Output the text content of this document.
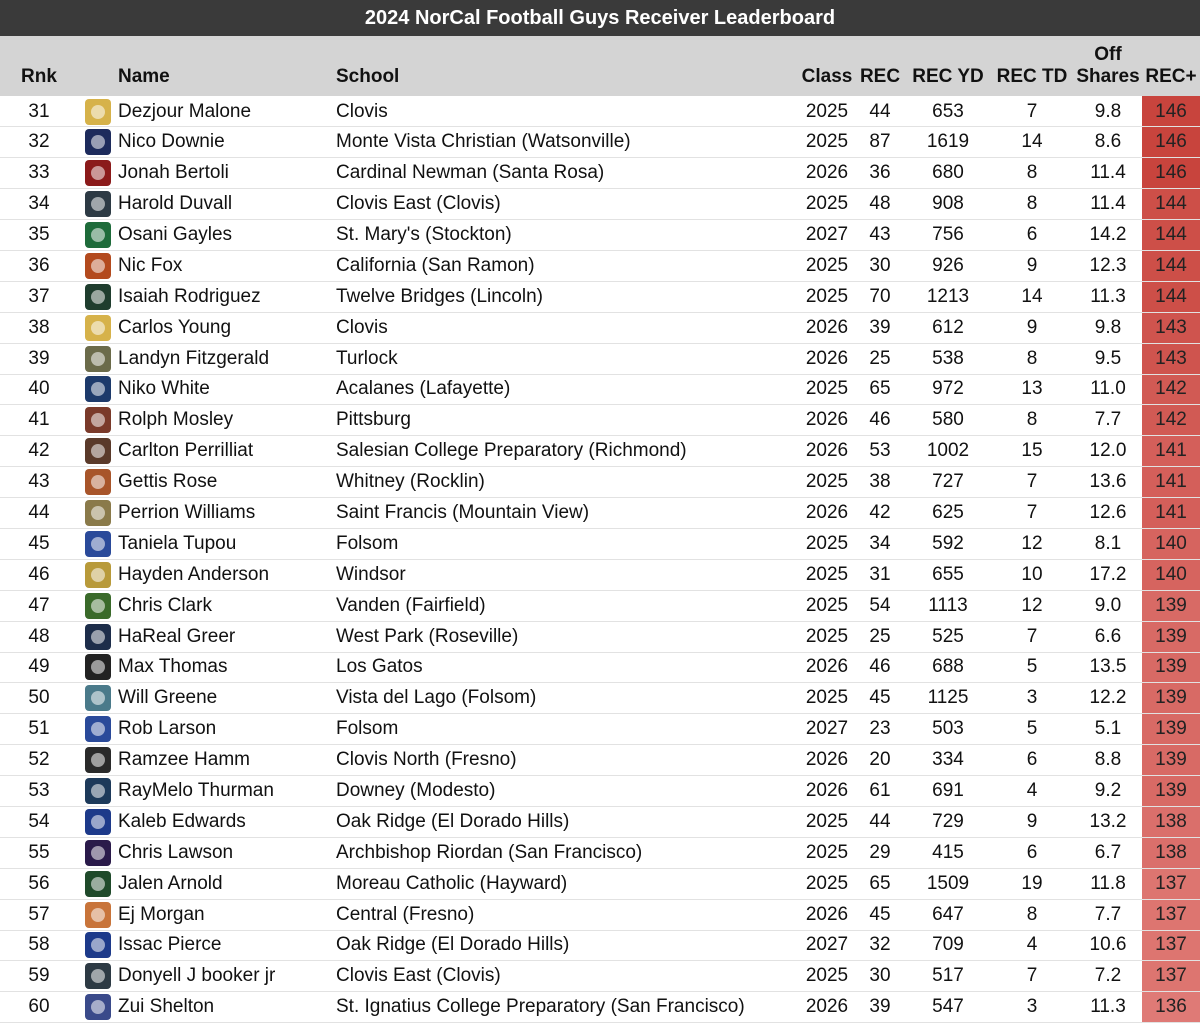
2024 NorCal Football Guys Receiver Leaderboard
Rnk		Name	School	Class	REC	REC YD	REC TD	Off Shares	REC+
31		Dezjour Malone	Clovis	2025	44	653	7	9.8	146
32		Nico Downie	Monte Vista Christian (Watsonville)	2025	87	1619	14	8.6	146
33		Jonah Bertoli	Cardinal Newman (Santa Rosa)	2026	36	680	8	11.4	146
34		Harold Duvall	Clovis East (Clovis)	2025	48	908	8	11.4	144
35		Osani Gayles	St. Mary's (Stockton)	2027	43	756	6	14.2	144
36		Nic Fox	California (San Ramon)	2025	30	926	9	12.3	144
37		Isaiah Rodriguez	Twelve Bridges (Lincoln)	2025	70	1213	14	11.3	144
38		Carlos Young	Clovis	2026	39	612	9	9.8	143
39		Landyn Fitzgerald	Turlock	2026	25	538	8	9.5	143
40		Niko White	Acalanes (Lafayette)	2025	65	972	13	11.0	142
41		Rolph Mosley	Pittsburg	2026	46	580	8	7.7	142
42		Carlton Perrilliat	Salesian College Preparatory (Richmond)	2026	53	1002	15	12.0	141
43		Gettis Rose	Whitney (Rocklin)	2025	38	727	7	13.6	141
44		Perrion Williams	Saint Francis (Mountain View)	2026	42	625	7	12.6	141
45		Taniela Tupou	Folsom	2025	34	592	12	8.1	140
46		Hayden Anderson	Windsor	2025	31	655	10	17.2	140
47		Chris Clark	Vanden (Fairfield)	2025	54	1113	12	9.0	139
48		HaReal Greer	West Park (Roseville)	2025	25	525	7	6.6	139
49		Max Thomas	Los Gatos	2026	46	688	5	13.5	139
50		Will Greene	Vista del Lago (Folsom)	2025	45	1125	3	12.2	139
51		Rob Larson	Folsom	2027	23	503	5	5.1	139
52		Ramzee Hamm	Clovis North (Fresno)	2026	20	334	6	8.8	139
53		RayMelo Thurman	Downey (Modesto)	2026	61	691	4	9.2	139
54		Kaleb Edwards	Oak Ridge (El Dorado Hills)	2025	44	729	9	13.2	138
55		Chris Lawson	Archbishop Riordan (San Francisco)	2025	29	415	6	6.7	138
56		Jalen Arnold	Moreau Catholic (Hayward)	2025	65	1509	19	11.8	137
57		Ej Morgan	Central (Fresno)	2026	45	647	8	7.7	137
58		Issac Pierce	Oak Ridge (El Dorado Hills)	2027	32	709	4	10.6	137
59		Donyell J booker jr	Clovis East (Clovis)	2025	30	517	7	7.2	137
60		Zui Shelton	St. Ignatius College Preparatory (San Francisco)	2026	39	547	3	11.3	136
